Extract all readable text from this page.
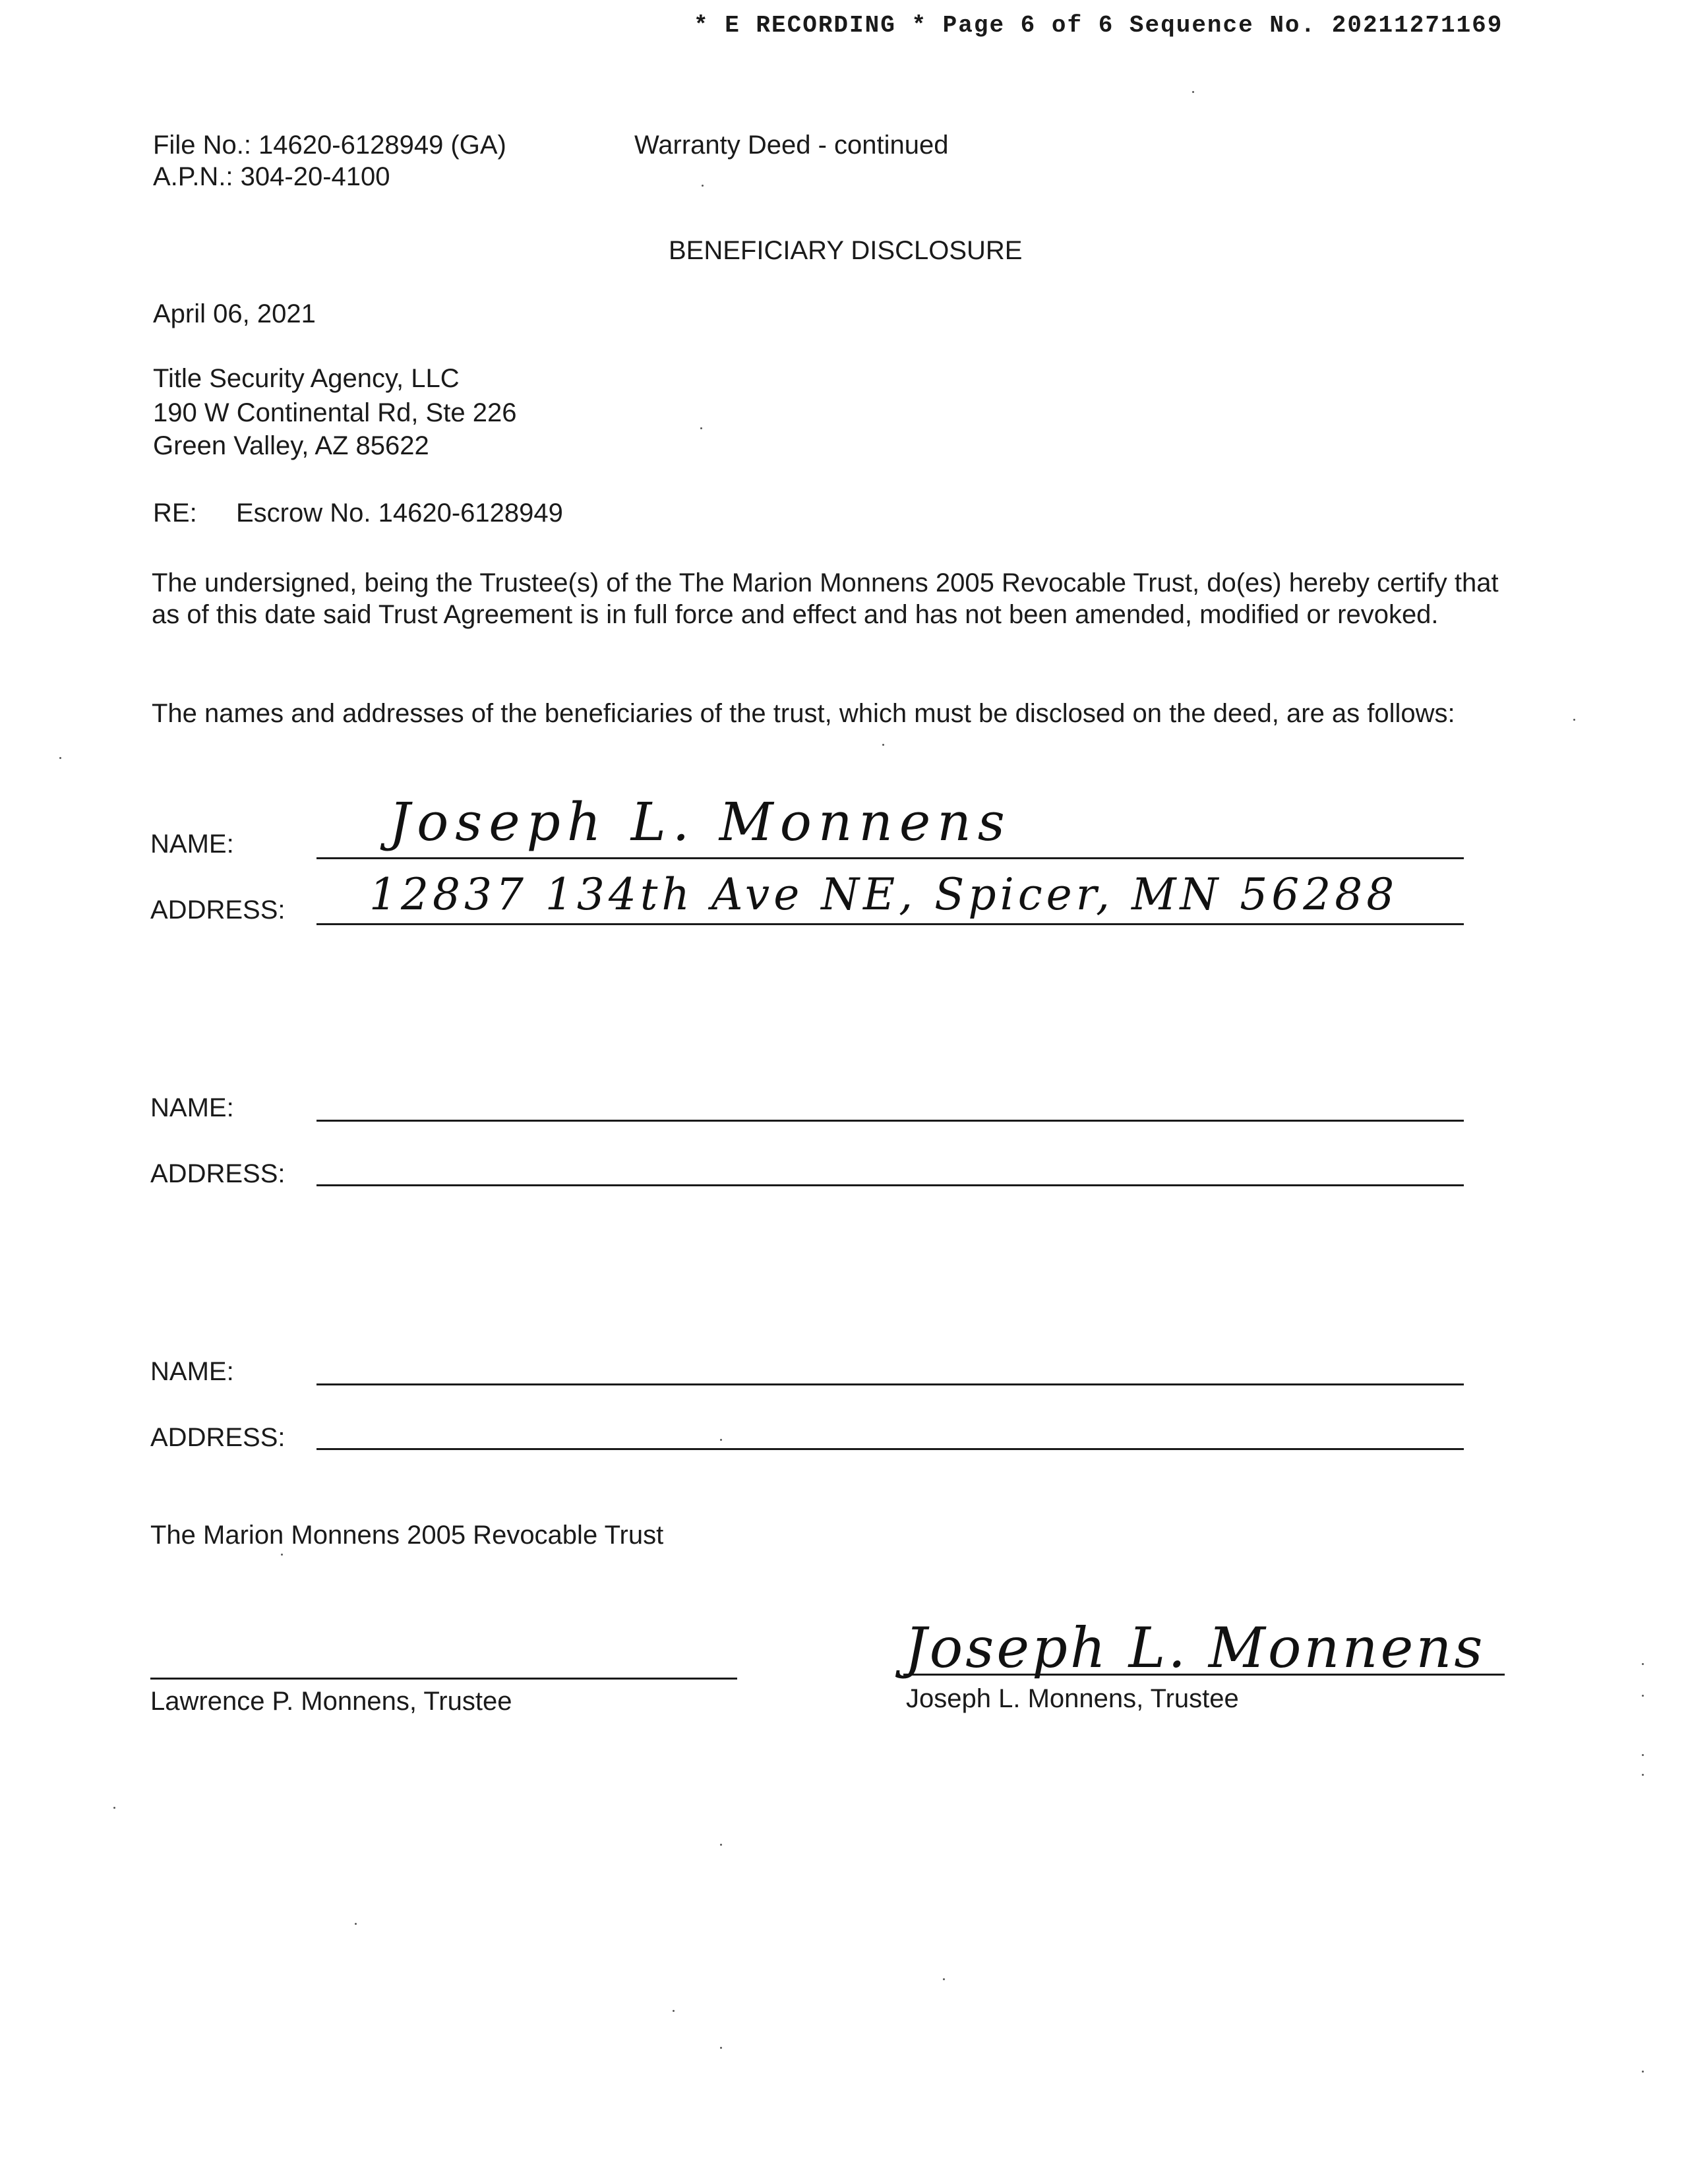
* E RECORDING * Page 6 of 6 Sequence No. 20211271169
File No.: 14620-6128949 (GA)
A.P.N.: 304-20-4100
Warranty Deed - continued
BENEFICIARY DISCLOSURE
April 06, 2021
Title Security Agency, LLC
190 W Continental Rd, Ste 226
Green Valley, AZ 85622
RE: Escrow No. 14620-6128949
The undersigned, being the Trustee(s) of the The Marion Monnens 2005 Revocable Trust, do(es) hereby certify that as of this date said Trust Agreement is in full force and effect and has not been amended, modified or revoked.
The names and addresses of the beneficiaries of the trust, which must be disclosed on the deed, are as follows:
NAME:	Joseph L. Monnens
ADDRESS: 12837 134th Ave NE, Spicer, MN 56288
NAME:
ADDRESS:
NAME:
ADDRESS:
The Marion Monnens 2005 Revocable Trust
Lawrence P. Monnens, Trustee
Joseph L. Monnens
Joseph L. Monnens, Trustee
